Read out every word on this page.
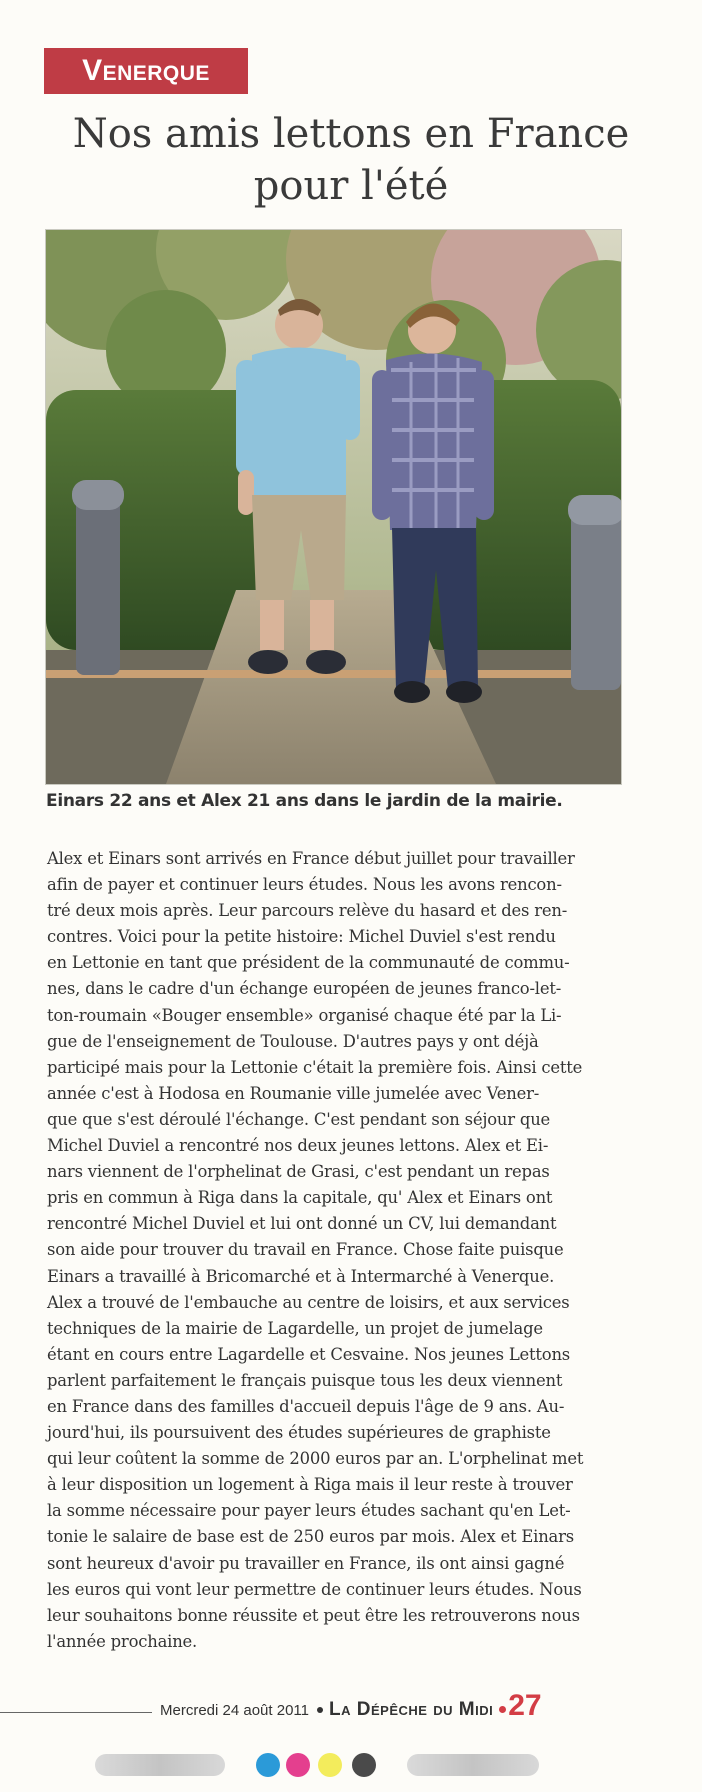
Venerque
Nos amis lettons en France
pour l'été
Einars 22 ans et Alex 21 ans dans le jardin de la mairie.
Alex et Einars sont arrivés en France début juillet pour travailler
afin de payer et continuer leurs études. Nous les avons rencon-
tré deux mois après. Leur parcours relève du hasard et des ren-
contres. Voici pour la petite histoire: Michel Duviel s'est rendu
en Lettonie en tant que président de la communauté de commu-
nes, dans le cadre d'un échange européen de jeunes franco-let-
ton-roumain «Bouger ensemble» organisé chaque été par la Li-
gue de l'enseignement de Toulouse. D'autres pays y ont déjà
participé mais pour la Lettonie c'était la première fois. Ainsi cette
année c'est à Hodosa en Roumanie ville jumelée avec Vener-
que que s'est déroulé l'échange. C'est pendant son séjour que
Michel Duviel a rencontré nos deux jeunes lettons. Alex et Ei-
nars viennent de l'orphelinat de Grasi, c'est pendant un repas
pris en commun à Riga dans la capitale, qu' Alex et Einars ont
rencontré Michel Duviel et lui ont donné un CV, lui demandant
son aide pour trouver du travail en France. Chose faite puisque
Einars a travaillé à Bricomarché et à Intermarché à Venerque.
Alex a trouvé de l'embauche au centre de loisirs, et aux services
techniques de la mairie de Lagardelle, un projet de jumelage
étant en cours entre Lagardelle et Cesvaine. Nos jeunes Lettons
parlent parfaitement le français puisque tous les deux viennent
en France dans des familles d'accueil depuis l'âge de 9 ans. Au-
jourd'hui, ils poursuivent des études supérieures de graphiste
qui leur coûtent la somme de 2000 euros par an. L'orphelinat met
à leur disposition un logement à Riga mais il leur reste à trouver
la somme nécessaire pour payer leurs études sachant qu'en Let-
tonie le salaire de base est de 250 euros par mois. Alex et Einars
sont heureux d'avoir pu travailler en France, ils ont ainsi gagné
les euros qui vont leur permettre de continuer leurs études. Nous
leur souhaitons bonne réussite et peut être les retrouverons nous
l'année prochaine.
Mercredi 24 août 2011 La Dépêche du Midi 27
